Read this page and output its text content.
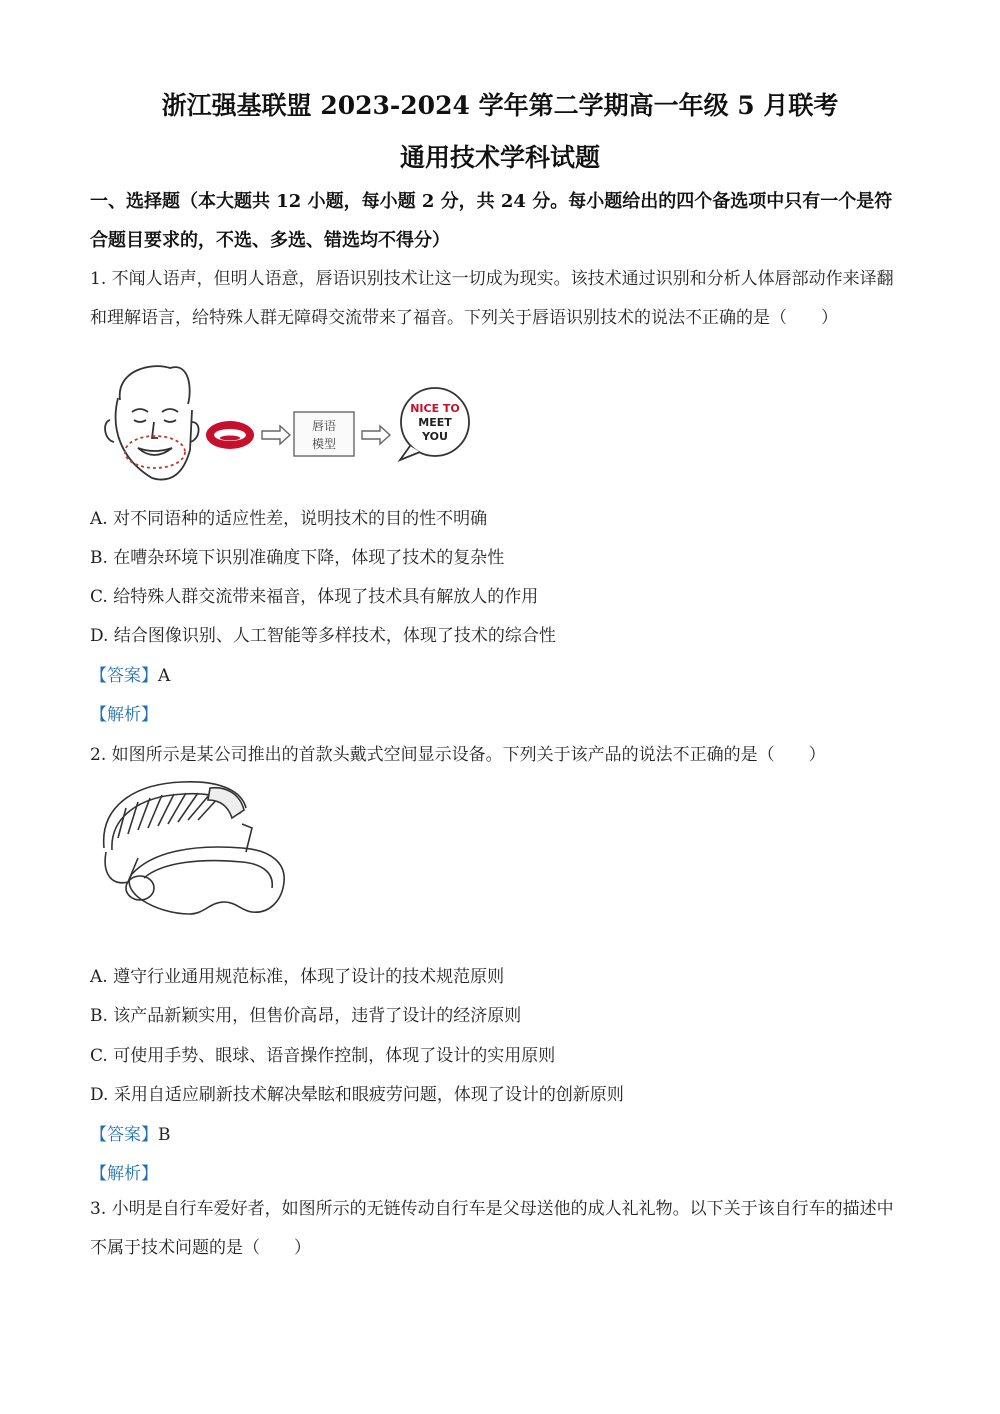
浙江强基联盟 2023-2024 学年第二学期高一年级 5 月联考
通用技术学科试题
一、选择题（本大题共 12 小题，每小题 2 分，共 24 分。每小题给出的四个备选项中只有一个是符合题目要求的，不选、多选、错选均不得分）
1. 不闻人语声，但明人语意，唇语识别技术让这一切成为现实。该技术通过识别和分析人体唇部动作来译翻和理解语言，给特殊人群无障碍交流带来了福音。下列关于唇语识别技术的说法不正确的是（　　）
唇语
模型
NICE TO
MEET
YOU
A. 对不同语种的适应性差，说明技术的目的性不明确
B. 在嘈杂环境下识别准确度下降，体现了技术的复杂性
C. 给特殊人群交流带来福音，体现了技术具有解放人的作用
D. 结合图像识别、人工智能等多样技术，体现了技术的综合性
【答案】A
【解析】
2. 如图所示是某公司推出的首款头戴式空间显示设备。下列关于该产品的说法不正确的是（　　）
A. 遵守行业通用规范标准，体现了设计的技术规范原则
B. 该产品新颖实用，但售价高昂，违背了设计的经济原则
C. 可使用手势、眼球、语音操作控制，体现了设计的实用原则
D. 采用自适应刷新技术解决晕眩和眼疲劳问题，体现了设计的创新原则
【答案】B
【解析】
3. 小明是自行车爱好者，如图所示的无链传动自行车是父母送他的成人礼礼物。以下关于该自行车的描述中不属于技术问题的是（　　）
